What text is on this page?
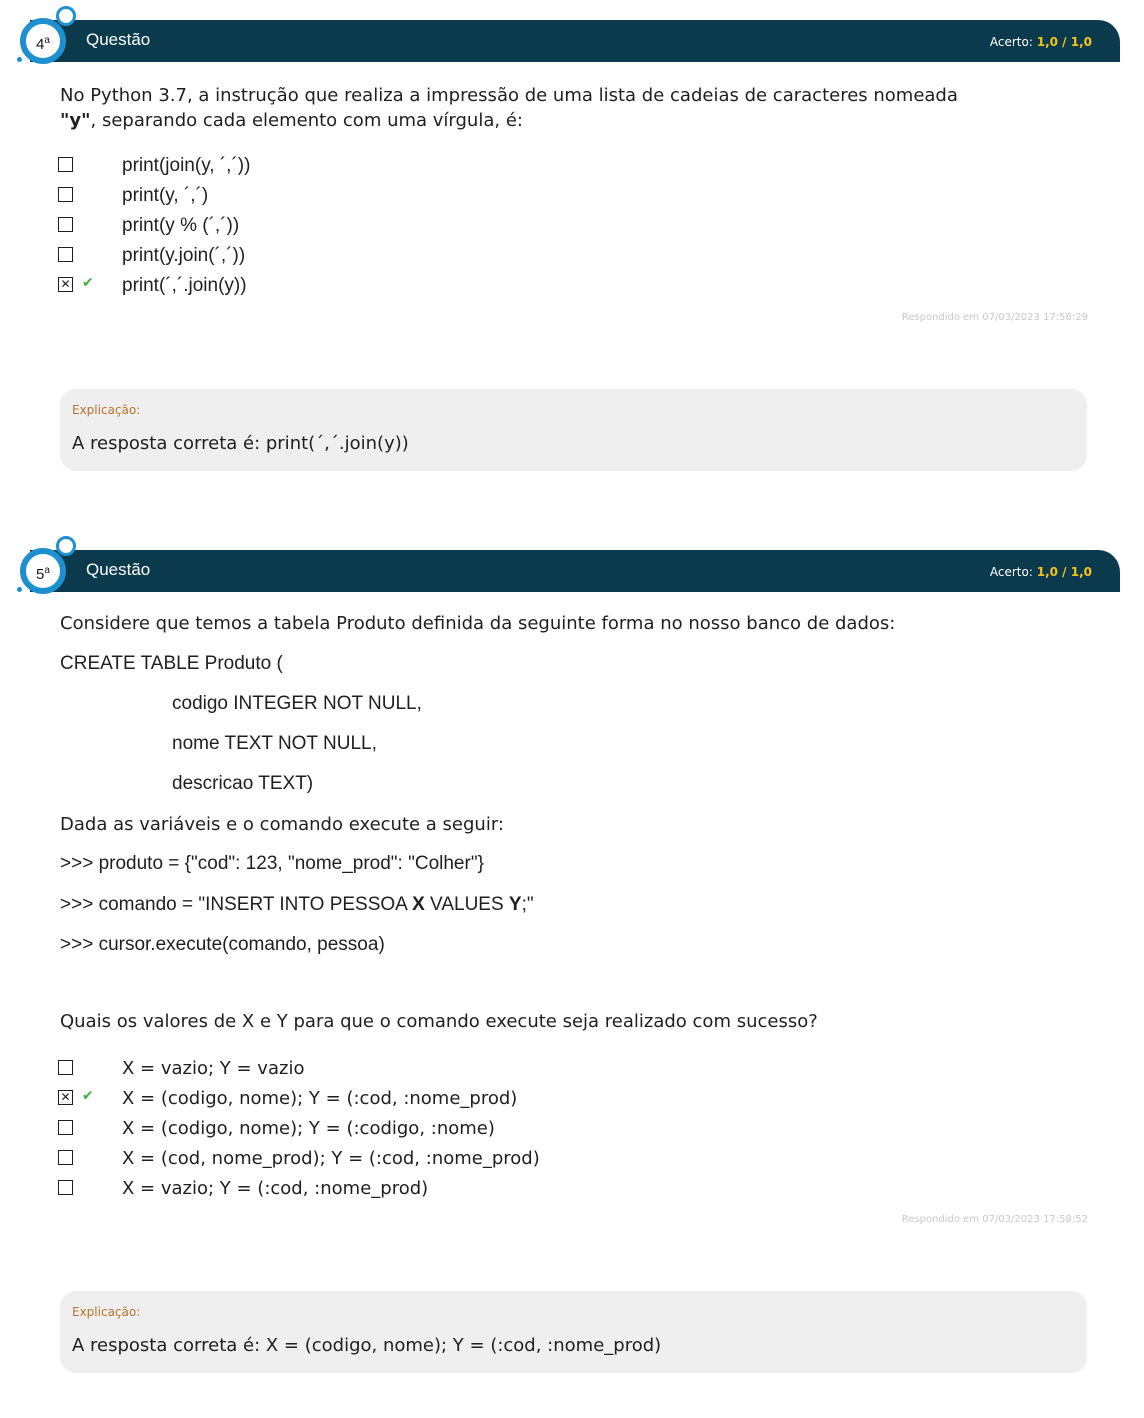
Questão	Acerto: 1,0 / 1,0
4$^a$
No Python 3.7, a instrução que realiza a impressão de uma lista de cadeias de caracteres nomeada
"y", separando cada elemento com uma vírgula, é:
print(join(y, ´,´))
print(y, ´,´)
print(y % (´,´))
print(y.join(´,´))
✕ ✔ print(´,´.join(y))
Respondido em 07/03/2023 17:58:29
Explicação:
A resposta correta é: print(´,´.join(y))
Questão	Acerto: 1,0 / 1,0
5$^a$
Considere que temos a tabela Produto definida da seguinte forma no nosso banco de dados:
CREATE TABLE Produto (
codigo INTEGER NOT NULL,
nome TEXT NOT NULL,
descricao TEXT)
Dada as variáveis e o comando execute a seguir:
>>> produto = {"cod": 123, "nome_prod": "Colher"}
>>> comando = "INSERT INTO PESSOA X VALUES Y;"
>>> cursor.execute(comando, pessoa)
Quais os valores de X e Y para que o comando execute seja realizado com sucesso?
X = vazio; Y = vazio
✕ ✔ X = (codigo, nome); Y = (:cod, :nome_prod)
X = (codigo, nome); Y = (:codigo, :nome)
X = (cod, nome_prod); Y = (:cod, :nome_prod)
X = vazio; Y = (:cod, :nome_prod)
Respondido em 07/03/2023 17:58:52
Explicação:
A resposta correta é: X = (codigo, nome); Y = (:cod, :nome_prod)
